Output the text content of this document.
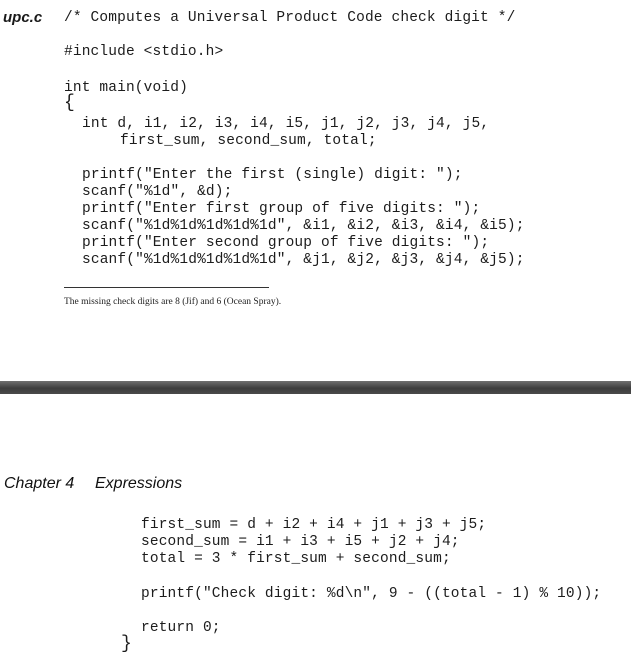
upc.c /* Computes a Universal Product Code check digit */
#include <stdio.h>
int main(void)
{
int d, i1, i2, i3, i4, i5, j1, j2, j3, j4, j5,
first_sum, second_sum, total;
printf("Enter the first (single) digit: ");
scanf("%1d", &d);
printf("Enter first group of five digits: ");
scanf("%1d%1d%1d%1d%1d", &i1, &i2, &i3, &i4, &i5);
printf("Enter second group of five digits: ");
scanf("%1d%1d%1d%1d%1d", &j1, &j2, &j3, &j4, &j5);
The missing check digits are 8 (Jif) and 6 (Ocean Spray).
Chapter 4 Expressions
first_sum = d + i2 + i4 + j1 + j3 + j5;
second_sum = i1 + i3 + i5 + j2 + j4;
total = 3 * first_sum + second_sum;
printf("Check digit: %d\n", 9 - ((total - 1) % 10));
return 0;
}
